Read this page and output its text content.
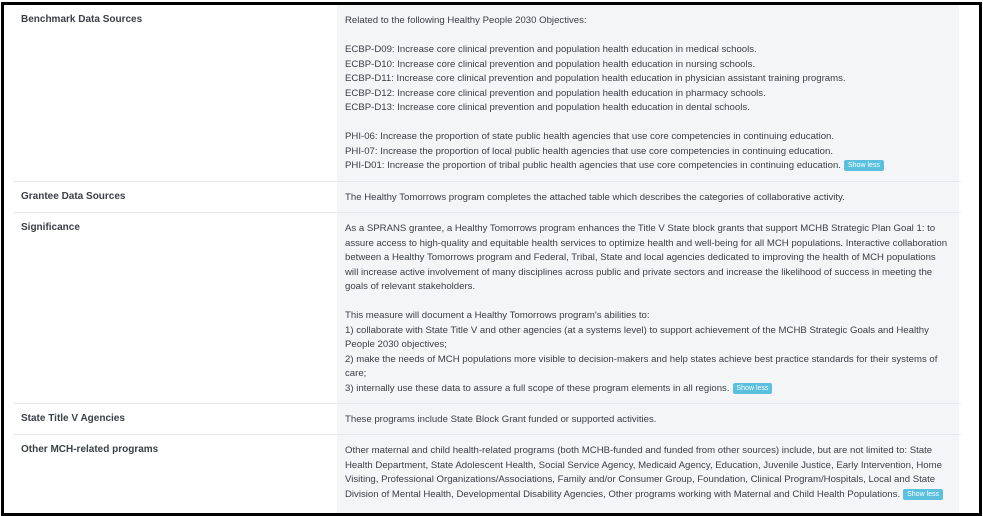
Benchmark Data Sources	Related to the following Healthy People 2030 Objectives:
ECBP-D09: Increase core clinical prevention and population health education in medical schools.
ECBP-D10: Increase core clinical prevention and population health education in nursing schools.
ECBP-D11: Increase core clinical prevention and population health education in physician assistant training programs.
ECBP-D12: Increase core clinical prevention and population health education in pharmacy schools.
ECBP-D13: Increase core clinical prevention and population health education in dental schools.
PHI-06: Increase the proportion of state public health agencies that use core competencies in continuing education.
PHI-07: Increase the proportion of local public health agencies that use core competencies in continuing education.
PHI-D01: Increase the proportion of tribal public health agencies that use core competencies in continuing education. Show less
Grantee Data Sources	The Healthy Tomorrows program completes the attached table which describes the categories of collaborative activity.
Significance	As a SPRANS grantee, a Healthy Tomorrows program enhances the Title V State block grants that support MCHB Strategic Plan Goal 1: to
assure access to high-quality and equitable health services to optimize health and well-being for all MCH populations. Interactive collaboration
between a Healthy Tomorrows program and Federal, Tribal, State and local agencies dedicated to improving the health of MCH populations
will increase active involvement of many disciplines across public and private sectors and increase the likelihood of success in meeting the
goals of relevant stakeholders.
This measure will document a Healthy Tomorrows program's abilities to:
1) collaborate with State Title V and other agencies (at a systems level) to support achievement of the MCHB Strategic Goals and Healthy
People 2030 objectives;
2) make the needs of MCH populations more visible to decision-makers and help states achieve best practice standards for their systems of
care;
3) internally use these data to assure a full scope of these program elements in all regions. Show less
State Title V Agencies	These programs include State Block Grant funded or supported activities.
Other MCH-related programs	Other maternal and child health-related programs (both MCHB-funded and funded from other sources) include, but are not limited to: State
Health Department, State Adolescent Health, Social Service Agency, Medicaid Agency, Education, Juvenile Justice, Early Intervention, Home
Visiting, Professional Organizations/Associations, Family and/or Consumer Group, Foundation, Clinical Program/Hospitals, Local and State
Division of Mental Health, Developmental Disability Agencies, Other programs working with Maternal and Child Health Populations. Show less
